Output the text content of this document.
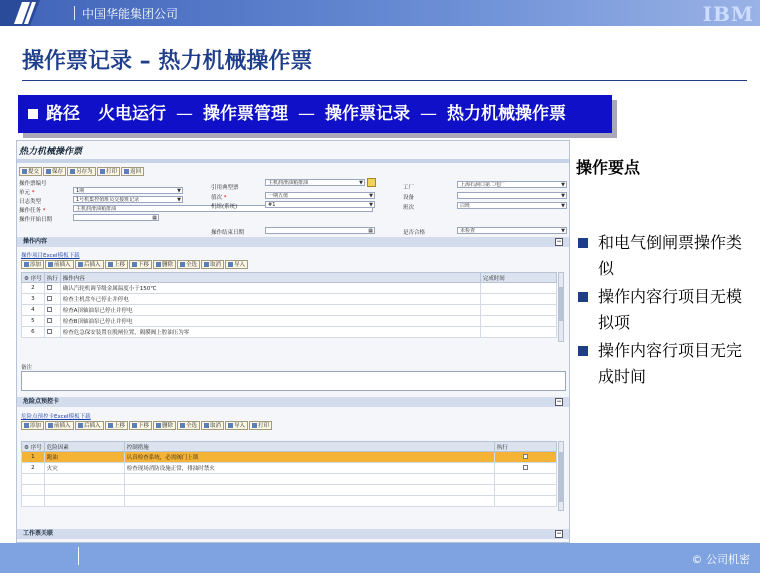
中国华能集团公司	IBM
操作票记录 – 热力机械操作票
路径 火电运行 — 操作票管理 — 操作票记录 — 热力机械操作票
热力机械操作票
提交	保存	另存为	打印	返回
操作票编号
单元 *	1期	▼
日志类型	1号机集控值班员交接班记录	▼
操作任务 *	主机润滑油箱排油
操作开始日期	▦
引用典型票
主机润滑油箱排油	▼
值次 *	一期五值	▼
机组(系统)	#1	▼
操作结束日期	▦
工厂	上海石洞口第二电厂	▼
设备	▼
班次	白班	▼
是否合格	未检查	▼
操作内容	−
操作项目Excel模板下载
添加	前插入	后插入	上移	下移	删除	全选	取消	导入
⚙ 序号	执行	操作内容	完成时间
2		确认汽轮机调节级金属温度小于150℃	
3		检查主机盘车已停止并停电	
4		检查A顶轴油泵已停止并停电	
5		检查B顶轴油泵已停止并停电	
6		检查危急保安装置在脱闸位置，隔膜阀上腔油压为零	
备注
危险点预控卡	−
危险点预控卡Excel模板下载
添加	前插入	后插入	上移	下移	删除	全选	取消	导入	打印
⚙ 序号	危险因素	控制措施	执行
1	跑油	认真检查系统，必需阀门上锁	
2	火灾	检查现场消防设施正常，排油时禁火	

工作票关联	−
操作要点
和电气倒闸票操作类似
操作内容行项目无模拟项
操作内容行项目无完成时间
© 公司机密
